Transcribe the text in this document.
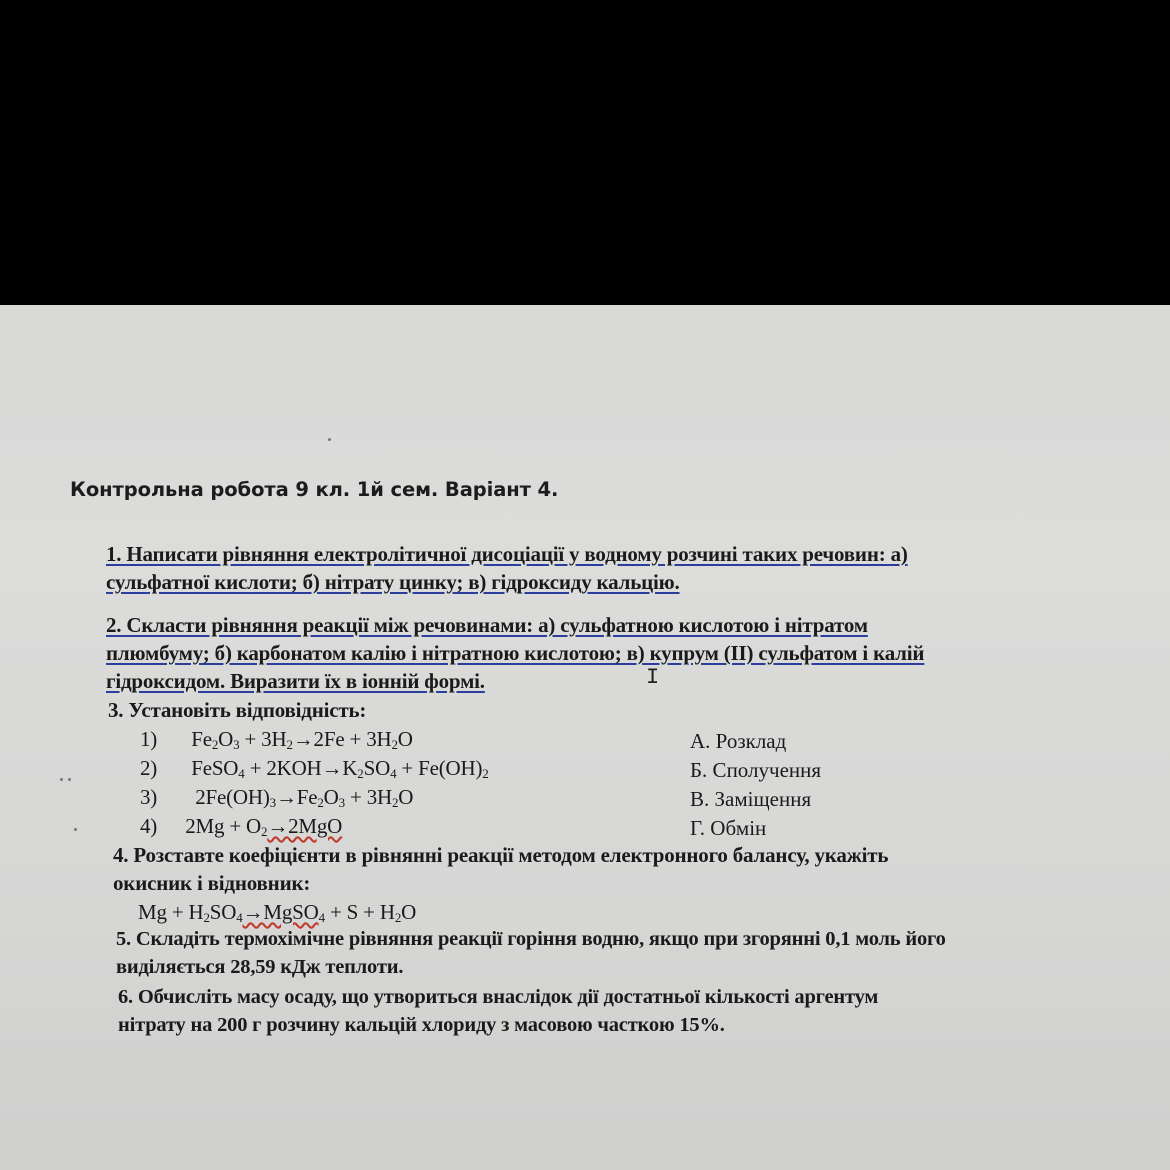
Контрольна робота 9 кл. 1й сем. Варіант 4.
1. Написати рівняння електролітичної дисоціації у водному розчині таких речовин: а)
сульфатної кислоти; б) нітрату цинку; в) гідроксиду кальцію.
2. Скласти рівняння реакції між речовинами: а) сульфатною кислотою і нітратом
плюмбуму; б) карбонатом калію і нітратною кислотою; в) купрум (ІІ) сульфатом і калій
гідроксидом. Виразити їх в іонній формі.	I
3. Установіть відповідність:
1) $Fe_2O_3 + 3H_2\to 2Fe + 3H_2O$
2) FeSO$_4$ + $2KOH\to K_2SO_4 + Fe(OH)_2$
3) $2Fe(OH)_3\to Fe_2O_3 + 3H_2O$
4) $2Mg + O_2\to 2MgO$
А. Розклад
Б. Сполучення
В. Заміщення
Г. Обмін
4. Розставте коефіцієнти в рівнянні реакції методом електронного балансу, укажіть
окисник і відновник:
$Mg + H_2SO_4\to MgSO_4 + S + H_2O$
5. Складіть термохімічне рівняння реакції горіння водню, якщо при згорянні 0,1 моль його
виділяється 28,59 кДж теплоти.
6. Обчисліть масу осаду, що утвориться внаслідок дії достатньої кількості аргентум
нітрату на 200 г розчину кальцій хлориду з масовою часткою 15%.
